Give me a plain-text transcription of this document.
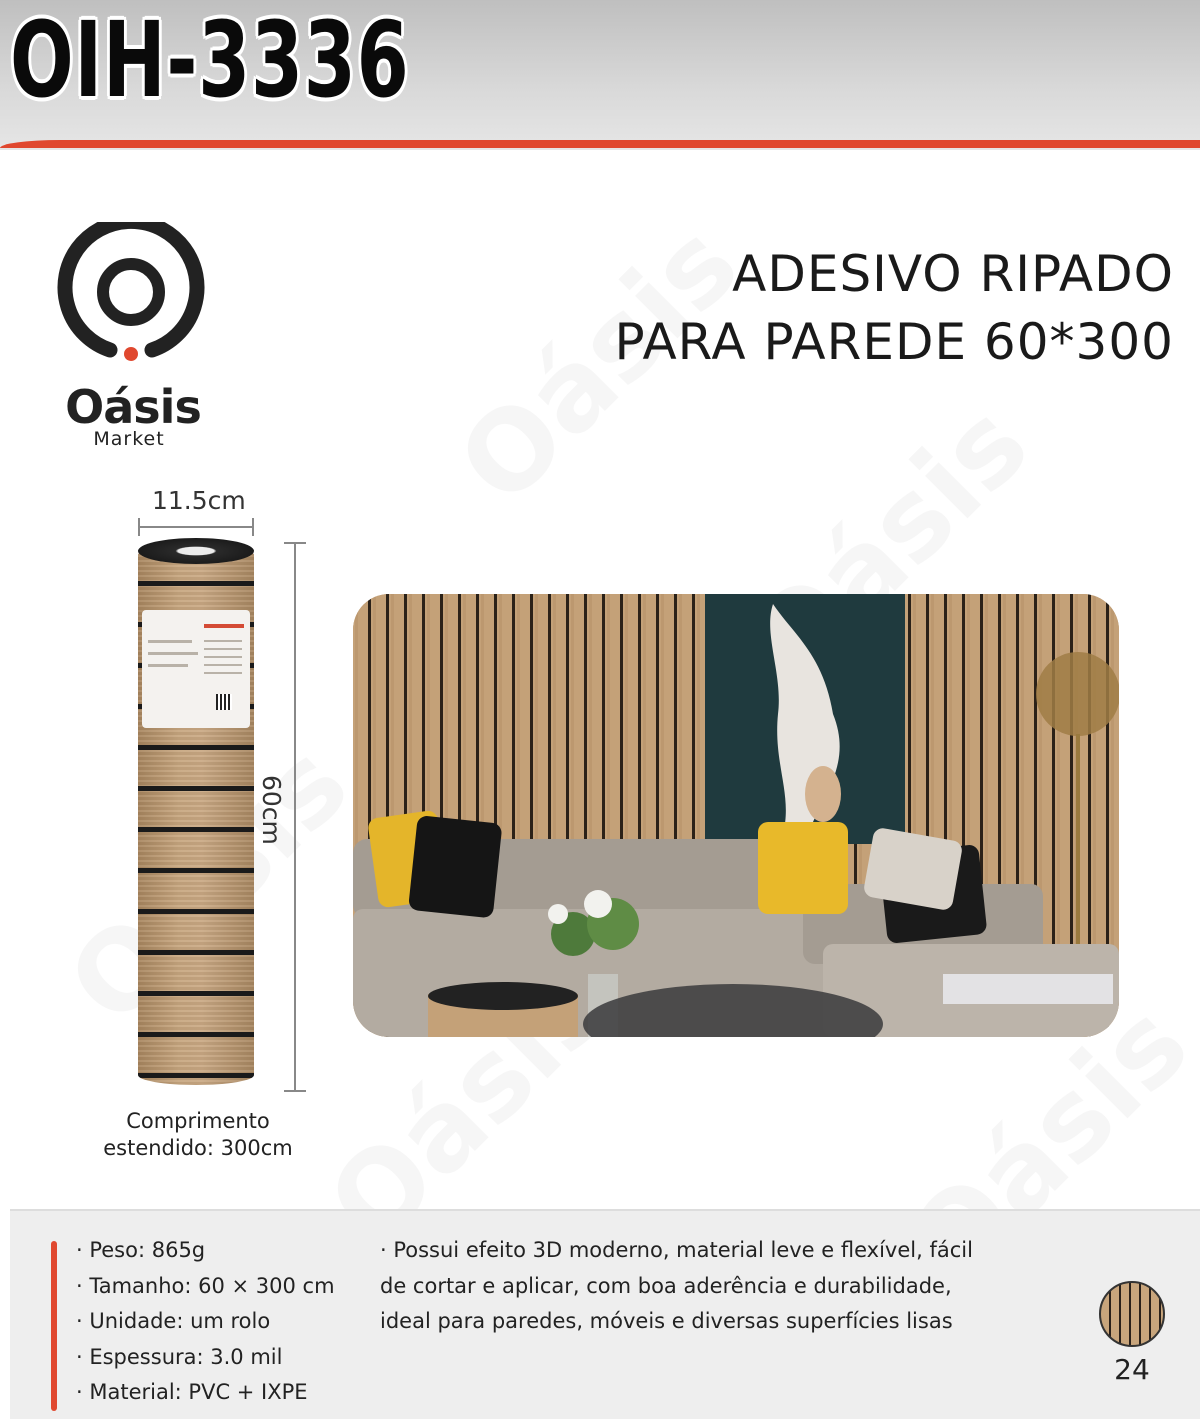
OIH-3336
Oásis
Market
ADESIVO RIPADO
PARA PAREDE 60*300
11.5cm
60cm
Comprimento
estendido: 300cm
· Peso: 865g
· Tamanho: 60 × 300 cm
· Unidade: um rolo
· Espessura: 3.0 mil
· Material: PVC + IXPE
· Possui efeito 3D moderno, material leve e flexível, fácil de cortar e aplicar, com boa aderência e durabilidade, ideal para paredes, móveis e diversas superfícies lisas
24
